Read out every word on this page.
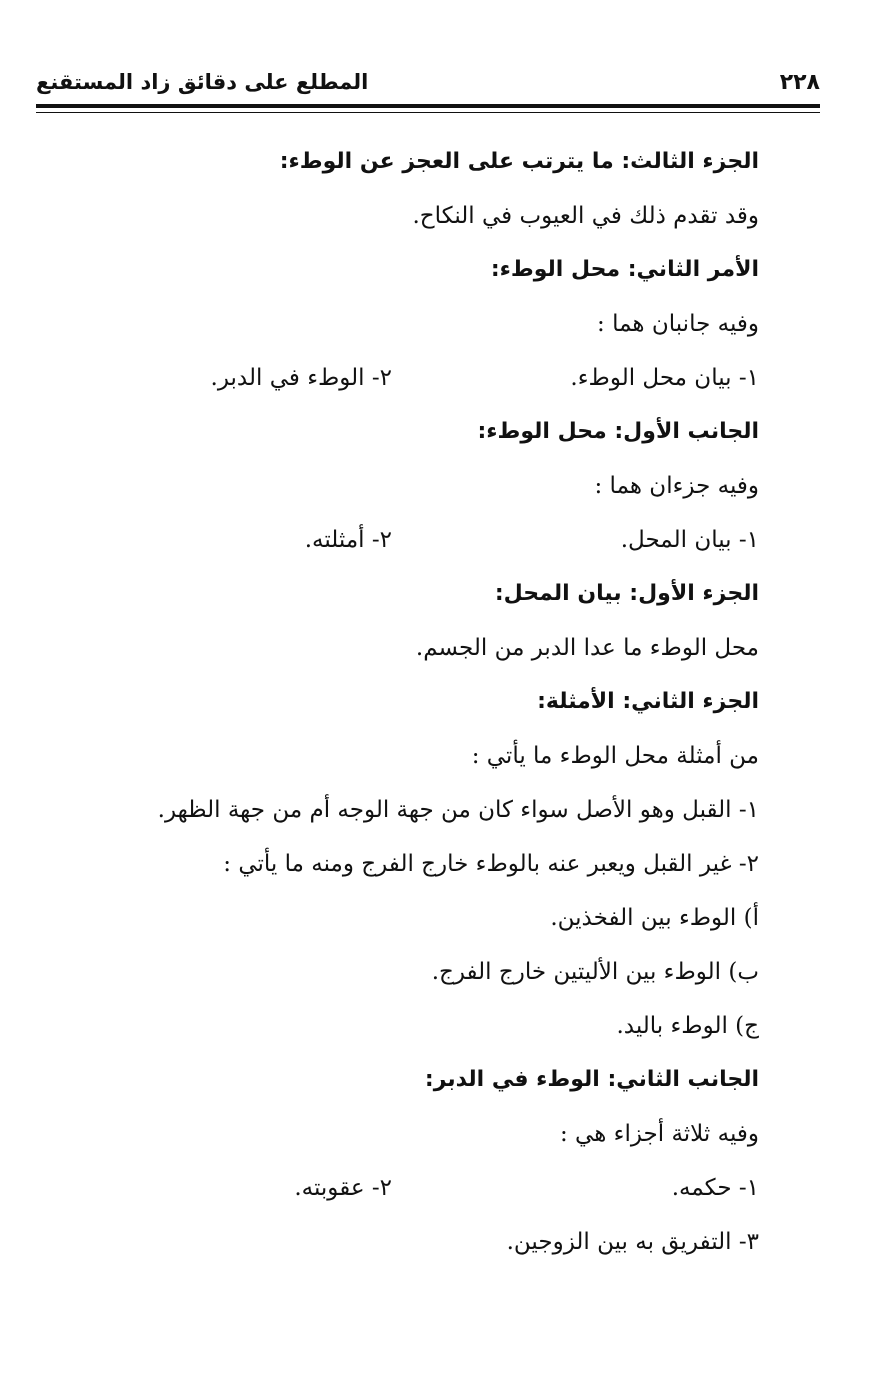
٢٢٨
المطلع على دقائق زاد المستقنع
الجزء الثالث: ما يترتب على العجز عن الوطء:
وقد تقدم ذلك في العيوب في النكاح.
الأمر الثاني: محل الوطء:
وفيه جانبان هما :
١- بيان محل الوطء.
٢- الوطء في الدبر.
الجانب الأول: محل الوطء:
وفيه جزءان هما :
١- بيان المحل.
٢- أمثلته.
الجزء الأول: بيان المحل:
محل الوطء ما عدا الدبر من الجسم.
الجزء الثاني: الأمثلة:
من أمثلة محل الوطء ما يأتي :
١- القبل وهو الأصل سواء كان من جهة الوجه أم من جهة الظهر.
٢- غير القبل ويعبر عنه بالوطء خارج الفرج ومنه ما يأتي :
أ) الوطء بين الفخذين.
ب) الوطء بين الأليتين خارج الفرج.
ج) الوطء باليد.
الجانب الثاني: الوطء في الدبر:
وفيه ثلاثة أجزاء هي :
١- حكمه.
٢- عقوبته.
٣- التفريق به بين الزوجين.
